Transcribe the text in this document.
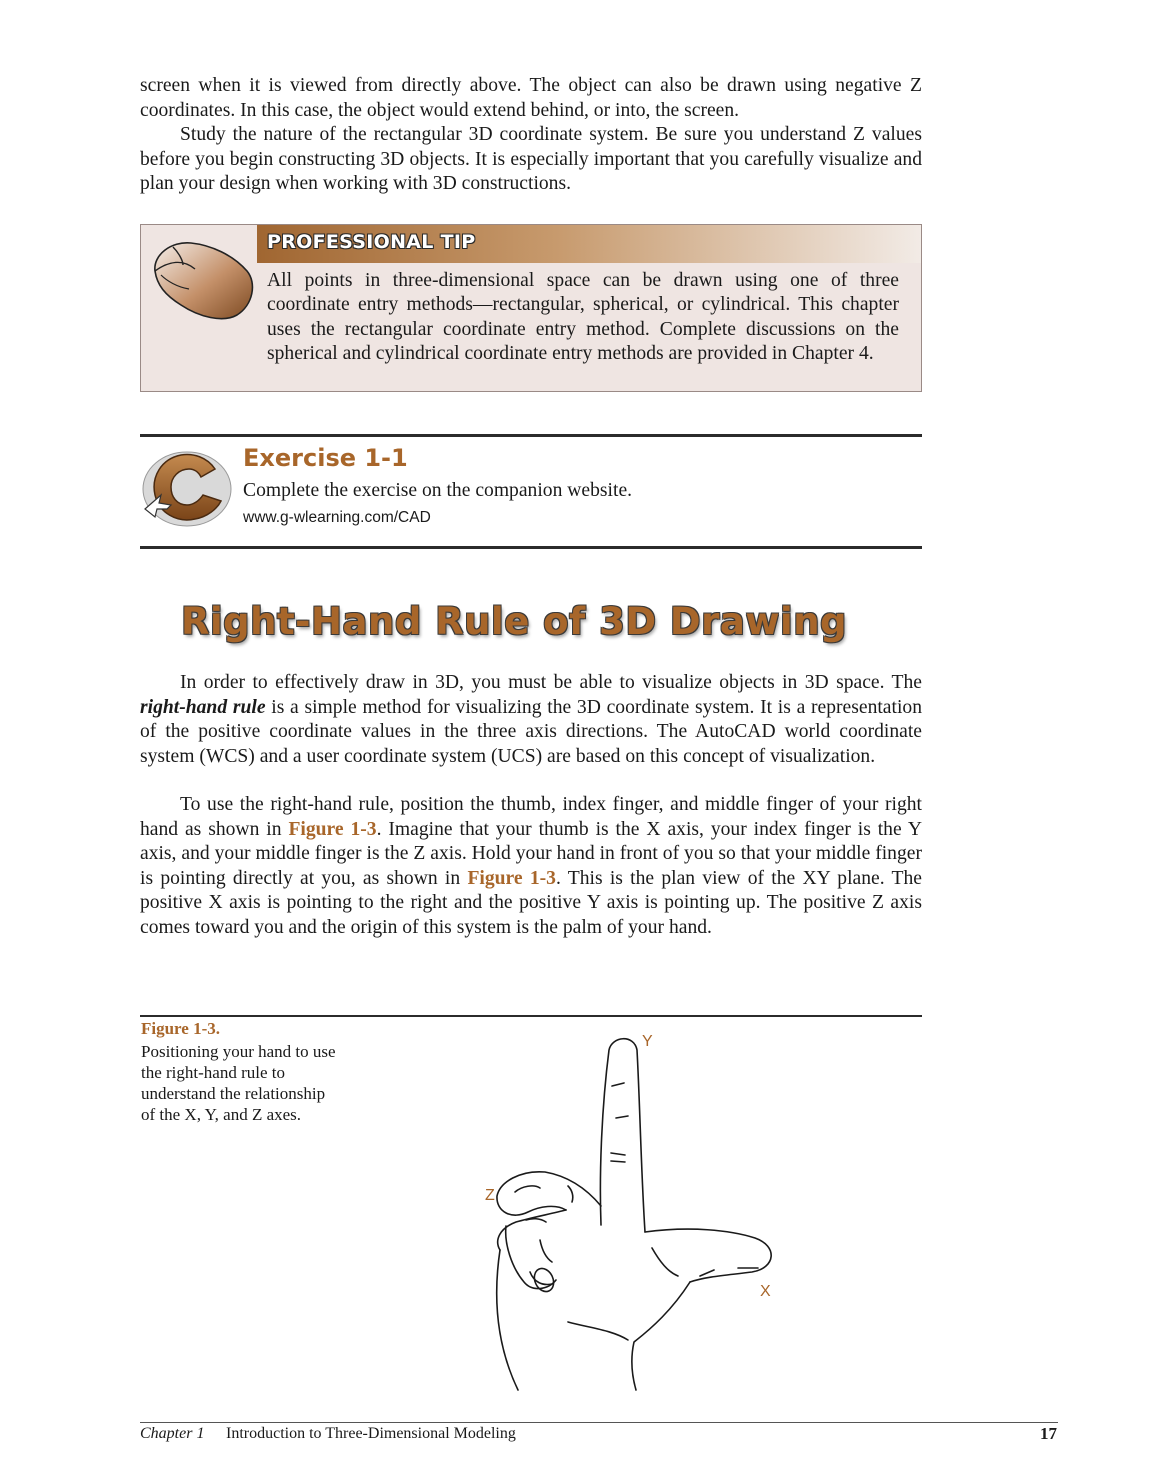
screen when it is viewed from directly above. The object can also be drawn using negative Z coordinates. In this case, the object would extend behind, or into, the screen.

Study the nature of the rectangular 3D coordinate system. Be sure you understand Z values before you begin constructing 3D objects. It is especially important that you carefully visualize and plan your design when working with 3D constructions.

PROFESSIONAL TIP

All points in three-dimensional space can be drawn using one of three coordinate entry methods—rectangular, spherical, or cylindrical. This chapter uses the rectangular coordinate entry method. Complete discussions on the spherical and cylindrical coordinate entry methods are provided in Chapter 4.

Exercise 1-1
Complete the exercise on the companion website.
www.g-wlearning.com/CAD
Right-Hand Rule of 3D Drawing

In order to effectively draw in 3D, you must be able to visualize objects in 3D space. The right-hand rule is a simple method for visualizing the 3D coordinate system. It is a representation of the positive coordinate values in the three axis directions. The AutoCAD world coordinate system (WCS) and a user coordinate system (UCS) are based on this concept of visualization.

To use the right-hand rule, position the thumb, index finger, and middle finger of your right hand as shown in Figure 1-3. Imagine that your thumb is the X axis, your index finger is the Y axis, and your middle finger is the Z axis. Hold your hand in front of you so that your middle finger is pointing directly at you, as shown in Figure 1-3. This is the plan view of the XY plane. The positive X axis is pointing to the right and the positive Y axis is pointing up. The positive Z axis comes toward you and the origin of this system is the palm of your hand.

Figure 1-3.

Positioning your hand to use the right-hand rule to understand the relationship of the X, Y, and Z axes.

Y
Z
X
Chapter 1 Introduction to Three-Dimensional Modeling	17
